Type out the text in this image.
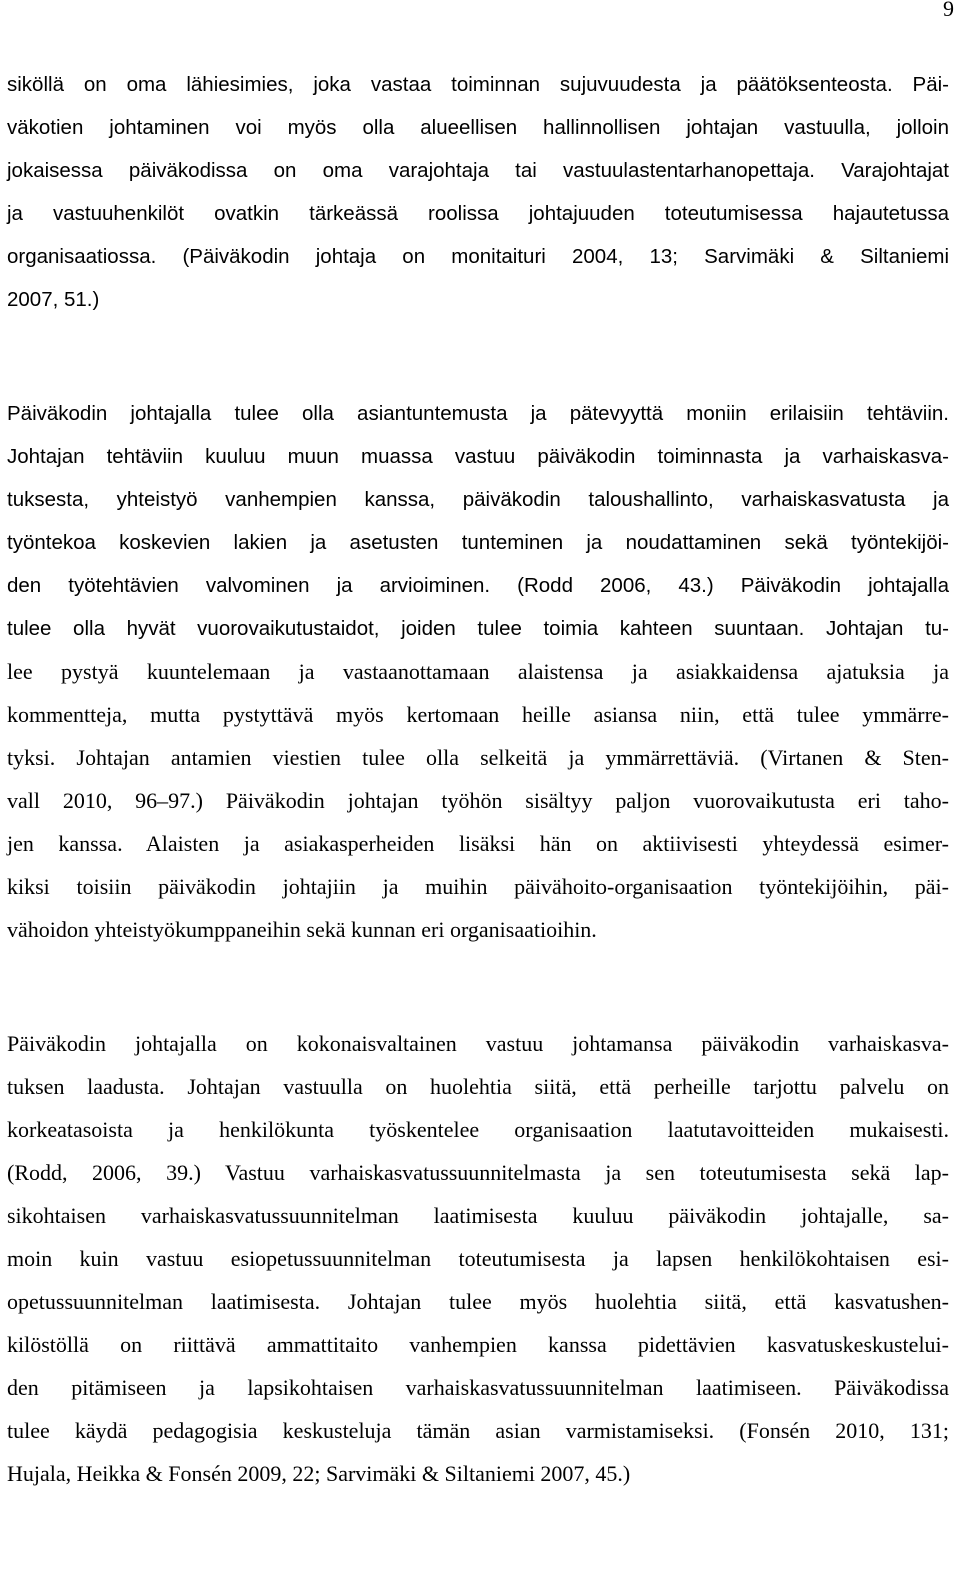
9
siköllä on oma lähiesimies, joka vastaa toiminnan sujuvuudesta ja päätöksenteosta. Päi-
väkotien johtaminen voi myös olla alueellisen hallinnollisen johtajan vastuulla, jolloin
jokaisessa päiväkodissa on oma varajohtaja tai vastuulastentarhanopettaja. Varajohtajat
ja vastuuhenkilöt ovatkin tärkeässä roolissa johtajuuden toteutumisessa hajautetussa
organisaatiossa. (Päiväkodin johtaja on monitaituri 2004, 13; Sarvimäki & Siltaniemi
2007, 51.)
Päiväkodin johtajalla tulee olla asiantuntemusta ja pätevyyttä moniin erilaisiin tehtäviin.
Johtajan tehtäviin kuuluu muun muassa vastuu päiväkodin toiminnasta ja varhaiskasva-
tuksesta, yhteistyö vanhempien kanssa, päiväkodin taloushallinto, varhaiskasvatusta ja
työntekoa koskevien lakien ja asetusten tunteminen ja noudattaminen sekä työntekijöi-
den työtehtävien valvominen ja arvioiminen. (Rodd 2006, 43.) Päiväkodin johtajalla
tulee olla hyvät vuorovaikutustaidot, joiden tulee toimia kahteen suuntaan. Johtajan tu-
lee pystyä kuuntelemaan ja vastaanottamaan alaistensa ja asiakkaidensa ajatuksia ja
kommentteja, mutta pystyttävä myös kertomaan heille asiansa niin, että tulee ymmärre-
tyksi. Johtajan antamien viestien tulee olla selkeitä ja ymmärrettäviä. (Virtanen & Sten-
vall 2010, 96–97.) Päiväkodin johtajan työhön sisältyy paljon vuorovaikutusta eri taho-
jen kanssa. Alaisten ja asiakasperheiden lisäksi hän on aktiivisesti yhteydessä esimer-
kiksi toisiin päiväkodin johtajiin ja muihin päivähoito-organisaation työntekijöihin, päi-
vähoidon yhteistyökumppaneihin sekä kunnan eri organisaatioihin.
Päiväkodin johtajalla on kokonaisvaltainen vastuu johtamansa päiväkodin varhaiskasva-
tuksen laadusta. Johtajan vastuulla on huolehtia siitä, että perheille tarjottu palvelu on
korkeatasoista ja henkilökunta työskentelee organisaation laatutavoitteiden mukaisesti.
(Rodd, 2006, 39.) Vastuu varhaiskasvatussuunnitelmasta ja sen toteutumisesta sekä lap-
sikohtaisen varhaiskasvatussuunnitelman laatimisesta kuuluu päiväkodin johtajalle, sa-
moin kuin vastuu esiopetussuunnitelman toteutumisesta ja lapsen henkilökohtaisen esi-
opetussuunnitelman laatimisesta. Johtajan tulee myös huolehtia siitä, että kasvatushen-
kilöstöllä on riittävä ammattitaito vanhempien kanssa pidettävien kasvatuskeskustelui-
den pitämiseen ja lapsikohtaisen varhaiskasvatussuunnitelman laatimiseen. Päiväkodissa
tulee käydä pedagogisia keskusteluja tämän asian varmistamiseksi. (Fonsén 2010, 131;
Hujala, Heikka & Fonsén 2009, 22; Sarvimäki & Siltaniemi 2007, 45.)
